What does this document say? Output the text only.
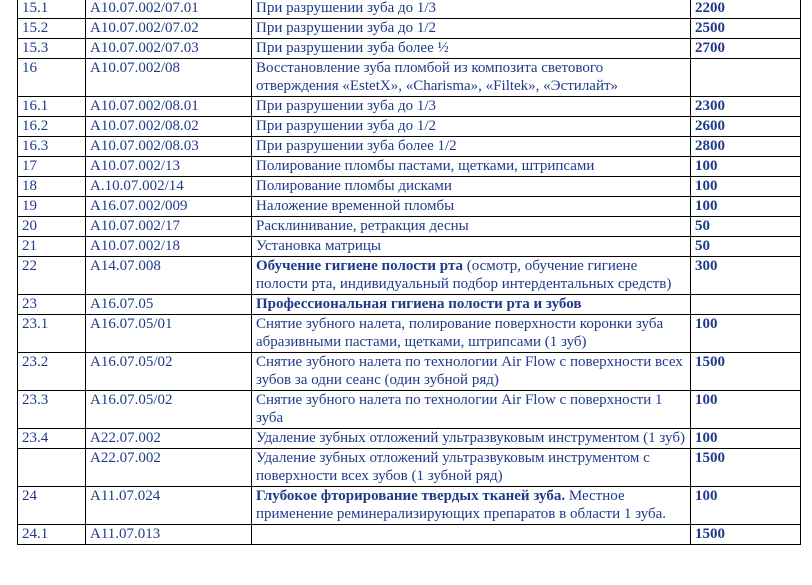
15.1	A10.07.002/07.01	При разрушении зуба до 1/3	2200
15.2	A10.07.002/07.02	При разрушении зуба до 1/2	2500
15.3	A10.07.002/07.03	При разрушении зуба более ½	2700
16	A10.07.002/08	Восстановление зуба пломбой из композита светового отверждения «EstetX», «Charisma», «Filtek», «Эстилайт»	
16.1	A10.07.002/08.01	При разрушении зуба до 1/3	2300
16.2	A10.07.002/08.02	При разрушении зуба до 1/2	2600
16.3	A10.07.002/08.03	При разрушении зуба более 1/2	2800
17	A10.07.002/13	Полирование пломбы пастами, щетками, штрипсами	100
18	A.10.07.002/14	Полирование пломбы дисками	100
19	A16.07.002/009	Наложение временной пломбы	100
20	A10.07.002/17	Расклинивание, ретракция десны	50
21	A10.07.002/18	Установка матрицы	50
22	A14.07.008	Обучение гигиене полости рта (осмотр, обучение гигиене полости рта, индивидуальный подбор интердентальных средств)	300
23	A16.07.05	Профессиональная гигиена полости рта и зубов	
23.1	A16.07.05/01	Снятие зубного налета, полирование поверхности коронки зуба абразивными пастами, щетками, штрипсами (1 зуб)	100
23.2	A16.07.05/02	Снятие зубного налета по технологии Air Flow с поверхности всех зубов за одни сеанс (один зубной ряд)	1500
23.3	A16.07.05/02	Снятие зубного налета по технологии Air Flow с поверхности 1 зуба	100
23.4	A22.07.002	Удаление зубных отложений ультразвуковым инструментом (1 зуб)	100
	A22.07.002	Удаление зубных отложений ультразвуковым инструментом с поверхности всех зубов (1 зубной ряд)	1500
24	A11.07.024	Глубокое фторирование твердых тканей зуба. Местное применение реминерализирующих препаратов в области 1 зуба.	100
24.1	A11.07.013		1500
